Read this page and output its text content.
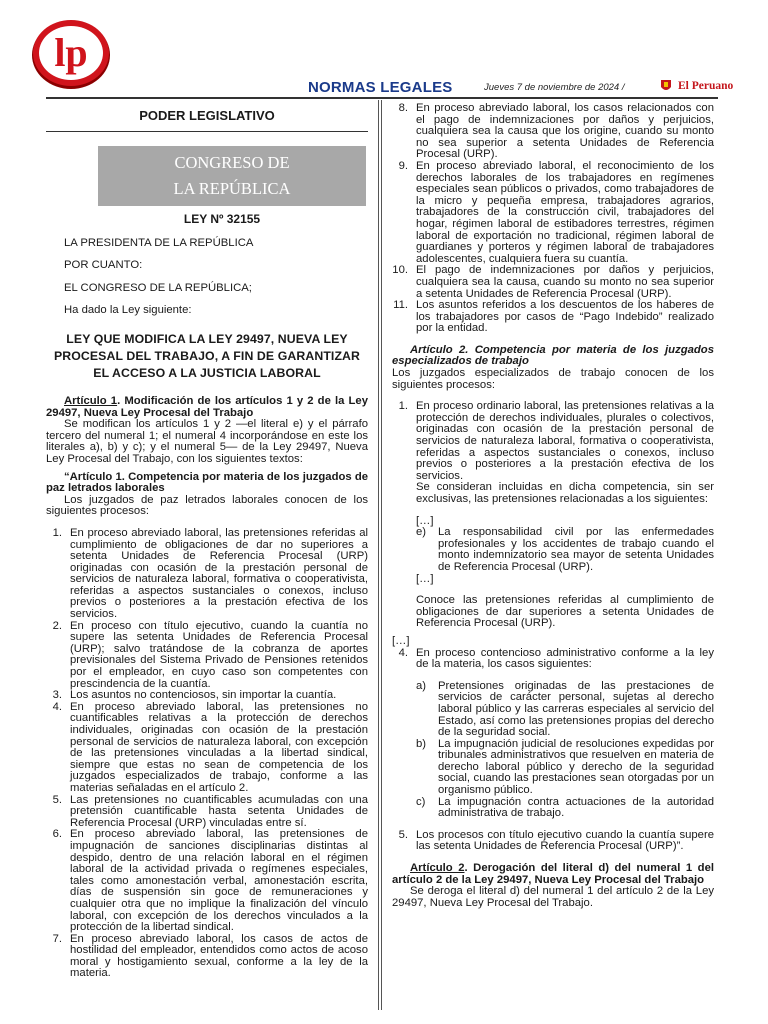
lp
NORMAS LEGALES	Jueves 7 de noviembre de 2024 /	El Peruano
PODER LEGISLATIVO
CONGRESO DE
LA REPÚBLICA
LEY Nº 32155
LA PRESIDENTA DE LA REPÚBLICA
POR CUANTO:
EL CONGRESO DE LA REPÚBLICA;
Ha dado la Ley siguiente:
LEY QUE MODIFICA LA LEY 29497, NUEVA LEY PROCESAL DEL TRABAJO, A FIN DE GARANTIZAR EL ACCESO A LA JUSTICIA LABORAL
Artículo 1. Modificación de los artículos 1 y 2 de la Ley 29497, Nueva Ley Procesal del Trabajo
Se modifican los artículos 1 y 2 —el literal e) y el párrafo tercero del numeral 1; el numeral 4 incorporándose en este los literales a), b) y c); y el numeral 5— de la Ley 29497, Nueva Ley Procesal del Trabajo, con los siguientes textos:
“Artículo 1. Competencia por materia de los juzgados de paz letrados laborales
Los juzgados de paz letrados laborales conocen de los siguientes procesos:
1. En proceso abreviado laboral, las pretensiones referidas al cumplimiento de obligaciones de dar no superiores a setenta Unidades de Referencia Procesal (URP) originadas con ocasión de la prestación personal de servicios de naturaleza laboral, formativa o cooperativista, referidas a aspectos sustanciales o conexos, incluso previos o posteriores a la prestación efectiva de los servicios.
2. En proceso con título ejecutivo, cuando la cuantía no supere las setenta Unidades de Referencia Procesal (URP); salvo tratándose de la cobranza de aportes previsionales del Sistema Privado de Pensiones retenidos por el empleador, en cuyo caso son competentes con prescindencia de la cuantía.
3. Los asuntos no contenciosos, sin importar la cuantía.
4. En proceso abreviado laboral, las pretensiones no cuantificables relativas a la protección de derechos individuales, originadas con ocasión de la prestación personal de servicios de naturaleza laboral, con excepción de las pretensiones vinculadas a la libertad sindical, siempre que estas no sean de competencia de los juzgados especializados de trabajo, conforme a las materias señaladas en el artículo 2.
5. Las pretensiones no cuantificables acumuladas con una pretensión cuantificable hasta setenta Unidades de Referencia Procesal (URP) vinculadas entre sí.
6. En proceso abreviado laboral, las pretensiones de impugnación de sanciones disciplinarias distintas al despido, dentro de una relación laboral en el régimen laboral de la actividad privada o regímenes especiales, tales como amonestación verbal, amonestación escrita, días de suspensión sin goce de remuneraciones y cualquier otra que no implique la finalización del vínculo laboral, con excepción de los derechos vinculados a la protección de la libertad sindical.
7. En proceso abreviado laboral, los casos de actos de hostilidad del empleador, entendidos como actos de acoso moral y hostigamiento sexual, conforme a la ley de la materia.
8. En proceso abreviado laboral, los casos relacionados con el pago de indemnizaciones por daños y perjuicios, cualquiera sea la causa que los origine, cuando su monto no sea superior a setenta Unidades de Referencia Procesal (URP).
9. En proceso abreviado laboral, el reconocimiento de los derechos laborales de los trabajadores en regímenes especiales sean públicos o privados, como trabajadores de la micro y pequeña empresa, trabajadores agrarios, trabajadores de la construcción civil, trabajadores del hogar, régimen laboral de estibadores terrestres, régimen laboral de exportación no tradicional, régimen laboral de guardianes y porteros y régimen laboral de trabajadores adolescentes, cualquiera fuera su cuantía.
10. El pago de indemnizaciones por daños y perjuicios, cualquiera sea la causa, cuando su monto no sea superior a setenta Unidades de Referencia Procesal (URP).
11. Los asuntos referidos a los descuentos de los haberes de los trabajadores por casos de “Pago Indebido” realizado por la entidad.
Artículo 2. Competencia por materia de los juzgados especializados de trabajo
Los juzgados especializados de trabajo conocen de los siguientes procesos:
1. En proceso ordinario laboral, las pretensiones relativas a la protección de derechos individuales, plurales o colectivos, originadas con ocasión de la prestación personal de servicios de naturaleza laboral, formativa o cooperativista, referidas a aspectos sustanciales o conexos, incluso previos o posteriores a la prestación efectiva de los servicios.
Se consideran incluidas en dicha competencia, sin ser exclusivas, las pretensiones relacionadas a los siguientes:
[…]
e)	La responsabilidad civil por las enfermedades profesionales y los accidentes de trabajo cuando el monto indemnizatorio sea mayor de setenta Unidades de Referencia Procesal (URP).
[…]
Conoce las pretensiones referidas al cumplimiento de obligaciones de dar superiores a setenta Unidades de Referencia Procesal (URP).
[…]
4. En proceso contencioso administrativo conforme a la ley de la materia, los casos siguientes:
a)	Pretensiones originadas de las prestaciones de servicios de carácter personal, sujetas al derecho laboral público y las carreras especiales al servicio del Estado, así como las pretensiones propias del derecho de la seguridad social.
b)	La impugnación judicial de resoluciones expedidas por tribunales administrativos que resuelven en materia de derecho laboral público y derecho de la seguridad social, cuando las prestaciones sean otorgadas por un organismo público.
c)	La impugnación contra actuaciones de la autoridad administrativa de trabajo.
5. Los procesos con título ejecutivo cuando la cuantía supere las setenta Unidades de Referencia Procesal (URP)”.
Artículo 2. Derogación del literal d) del numeral 1 del artículo 2 de la Ley 29497, Nueva Ley Procesal del Trabajo
Se deroga el literal d) del numeral 1 del artículo 2 de la Ley 29497, Nueva Ley Procesal del Trabajo.
